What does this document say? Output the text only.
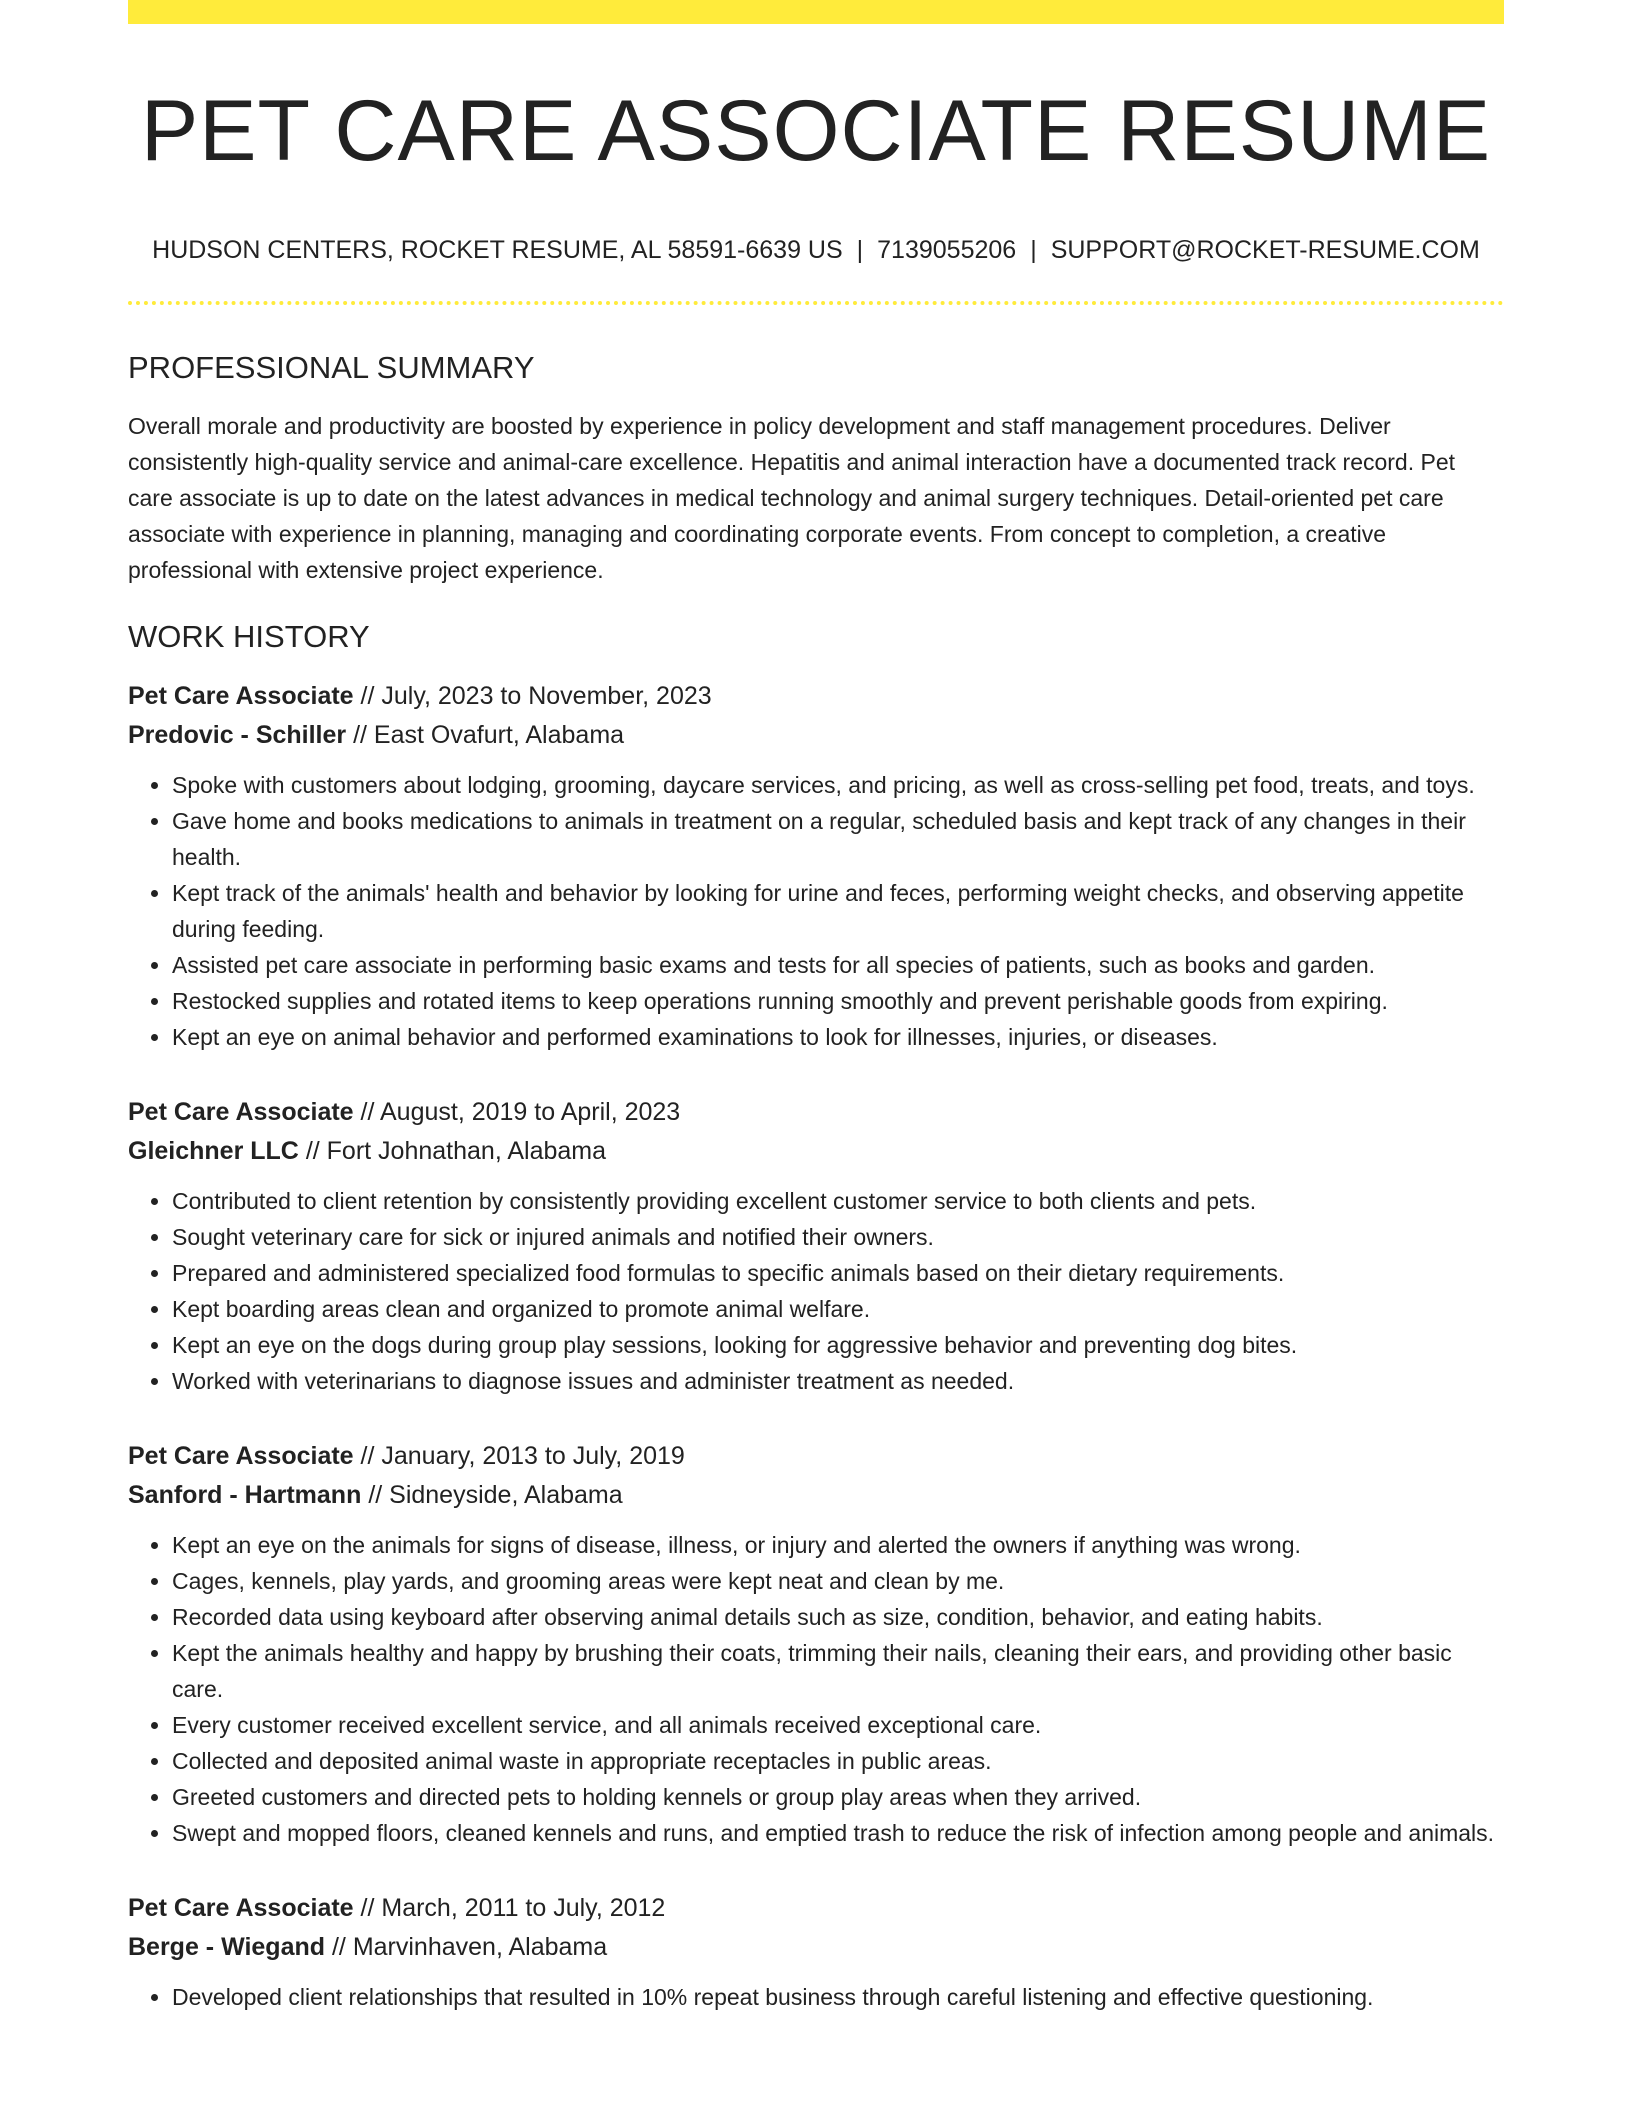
PET CARE ASSOCIATE RESUME
HUDSON CENTERS, ROCKET RESUME, AL 58591-6639 US | 7139055206 | SUPPORT@ROCKET-RESUME.COM
PROFESSIONAL SUMMARY

Overall morale and productivity are boosted by experience in policy development and staff management procedures. Deliver consistently high-quality service and animal-care excellence. Hepatitis and animal interaction have a documented track record. Pet care associate is up to date on the latest advances in medical technology and animal surgery techniques. Detail-oriented pet care associate with experience in planning, managing and coordinating corporate events. From concept to completion, a creative professional with extensive project experience.

WORK HISTORY
Pet Care Associate // July, 2023 to November, 2023
Predovic - Schiller // East Ovafurt, Alabama
• Spoke with customers about lodging, grooming, daycare services, and pricing, as well as cross-selling pet food, treats, and toys.
• Gave home and books medications to animals in treatment on a regular, scheduled basis and kept track of any changes in their health.
• Kept track of the animals' health and behavior by looking for urine and feces, performing weight checks, and observing appetite during feeding.
• Assisted pet care associate in performing basic exams and tests for all species of patients, such as books and garden.
• Restocked supplies and rotated items to keep operations running smoothly and prevent perishable goods from expiring.
• Kept an eye on animal behavior and performed examinations to look for illnesses, injuries, or diseases.
Pet Care Associate // August, 2019 to April, 2023
Gleichner LLC // Fort Johnathan, Alabama
• Contributed to client retention by consistently providing excellent customer service to both clients and pets.
• Sought veterinary care for sick or injured animals and notified their owners.
• Prepared and administered specialized food formulas to specific animals based on their dietary requirements.
• Kept boarding areas clean and organized to promote animal welfare.
• Kept an eye on the dogs during group play sessions, looking for aggressive behavior and preventing dog bites.
• Worked with veterinarians to diagnose issues and administer treatment as needed.
Pet Care Associate // January, 2013 to July, 2019
Sanford - Hartmann // Sidneyside, Alabama
• Kept an eye on the animals for signs of disease, illness, or injury and alerted the owners if anything was wrong.
• Cages, kennels, play yards, and grooming areas were kept neat and clean by me.
• Recorded data using keyboard after observing animal details such as size, condition, behavior, and eating habits.
• Kept the animals healthy and happy by brushing their coats, trimming their nails, cleaning their ears, and providing other basic care.
• Every customer received excellent service, and all animals received exceptional care.
• Collected and deposited animal waste in appropriate receptacles in public areas.
• Greeted customers and directed pets to holding kennels or group play areas when they arrived.
• Swept and mopped floors, cleaned kennels and runs, and emptied trash to reduce the risk of infection among people and animals.
Pet Care Associate // March, 2011 to July, 2012
Berge - Wiegand // Marvinhaven, Alabama
• Developed client relationships that resulted in 10% repeat business through careful listening and effective questioning.
